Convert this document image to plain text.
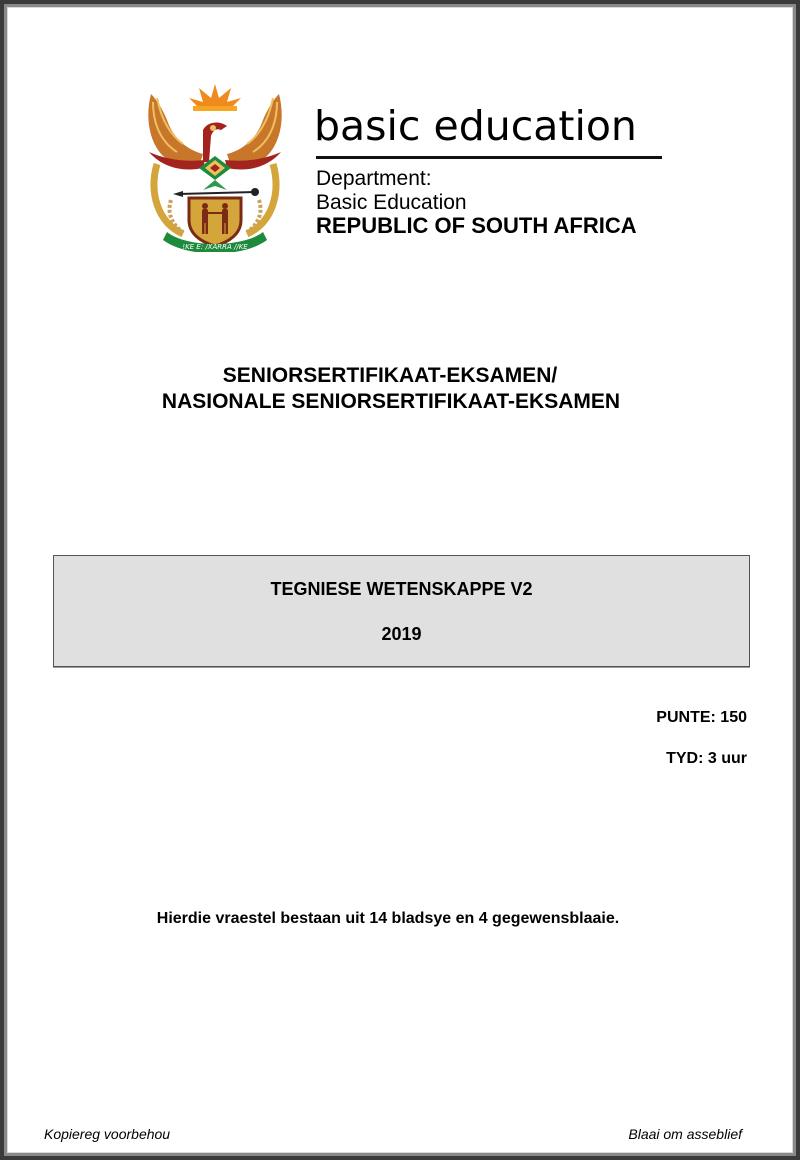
!KE E: /XARRA //KE
basic education
Department:
Basic Education
REPUBLIC OF SOUTH AFRICA
SENIORSERTIFIKAAT-EKSAMEN/
NASIONALE SENIORSERTIFIKAAT-EKSAMEN
TEGNIESE WETENSKAPPE V2
2019
PUNTE: 150
TYD: 3 uur
Hierdie vraestel bestaan uit 14 bladsye en 4 gegewensblaaie.
Kopiereg voorbehou	Blaai om asseblief
